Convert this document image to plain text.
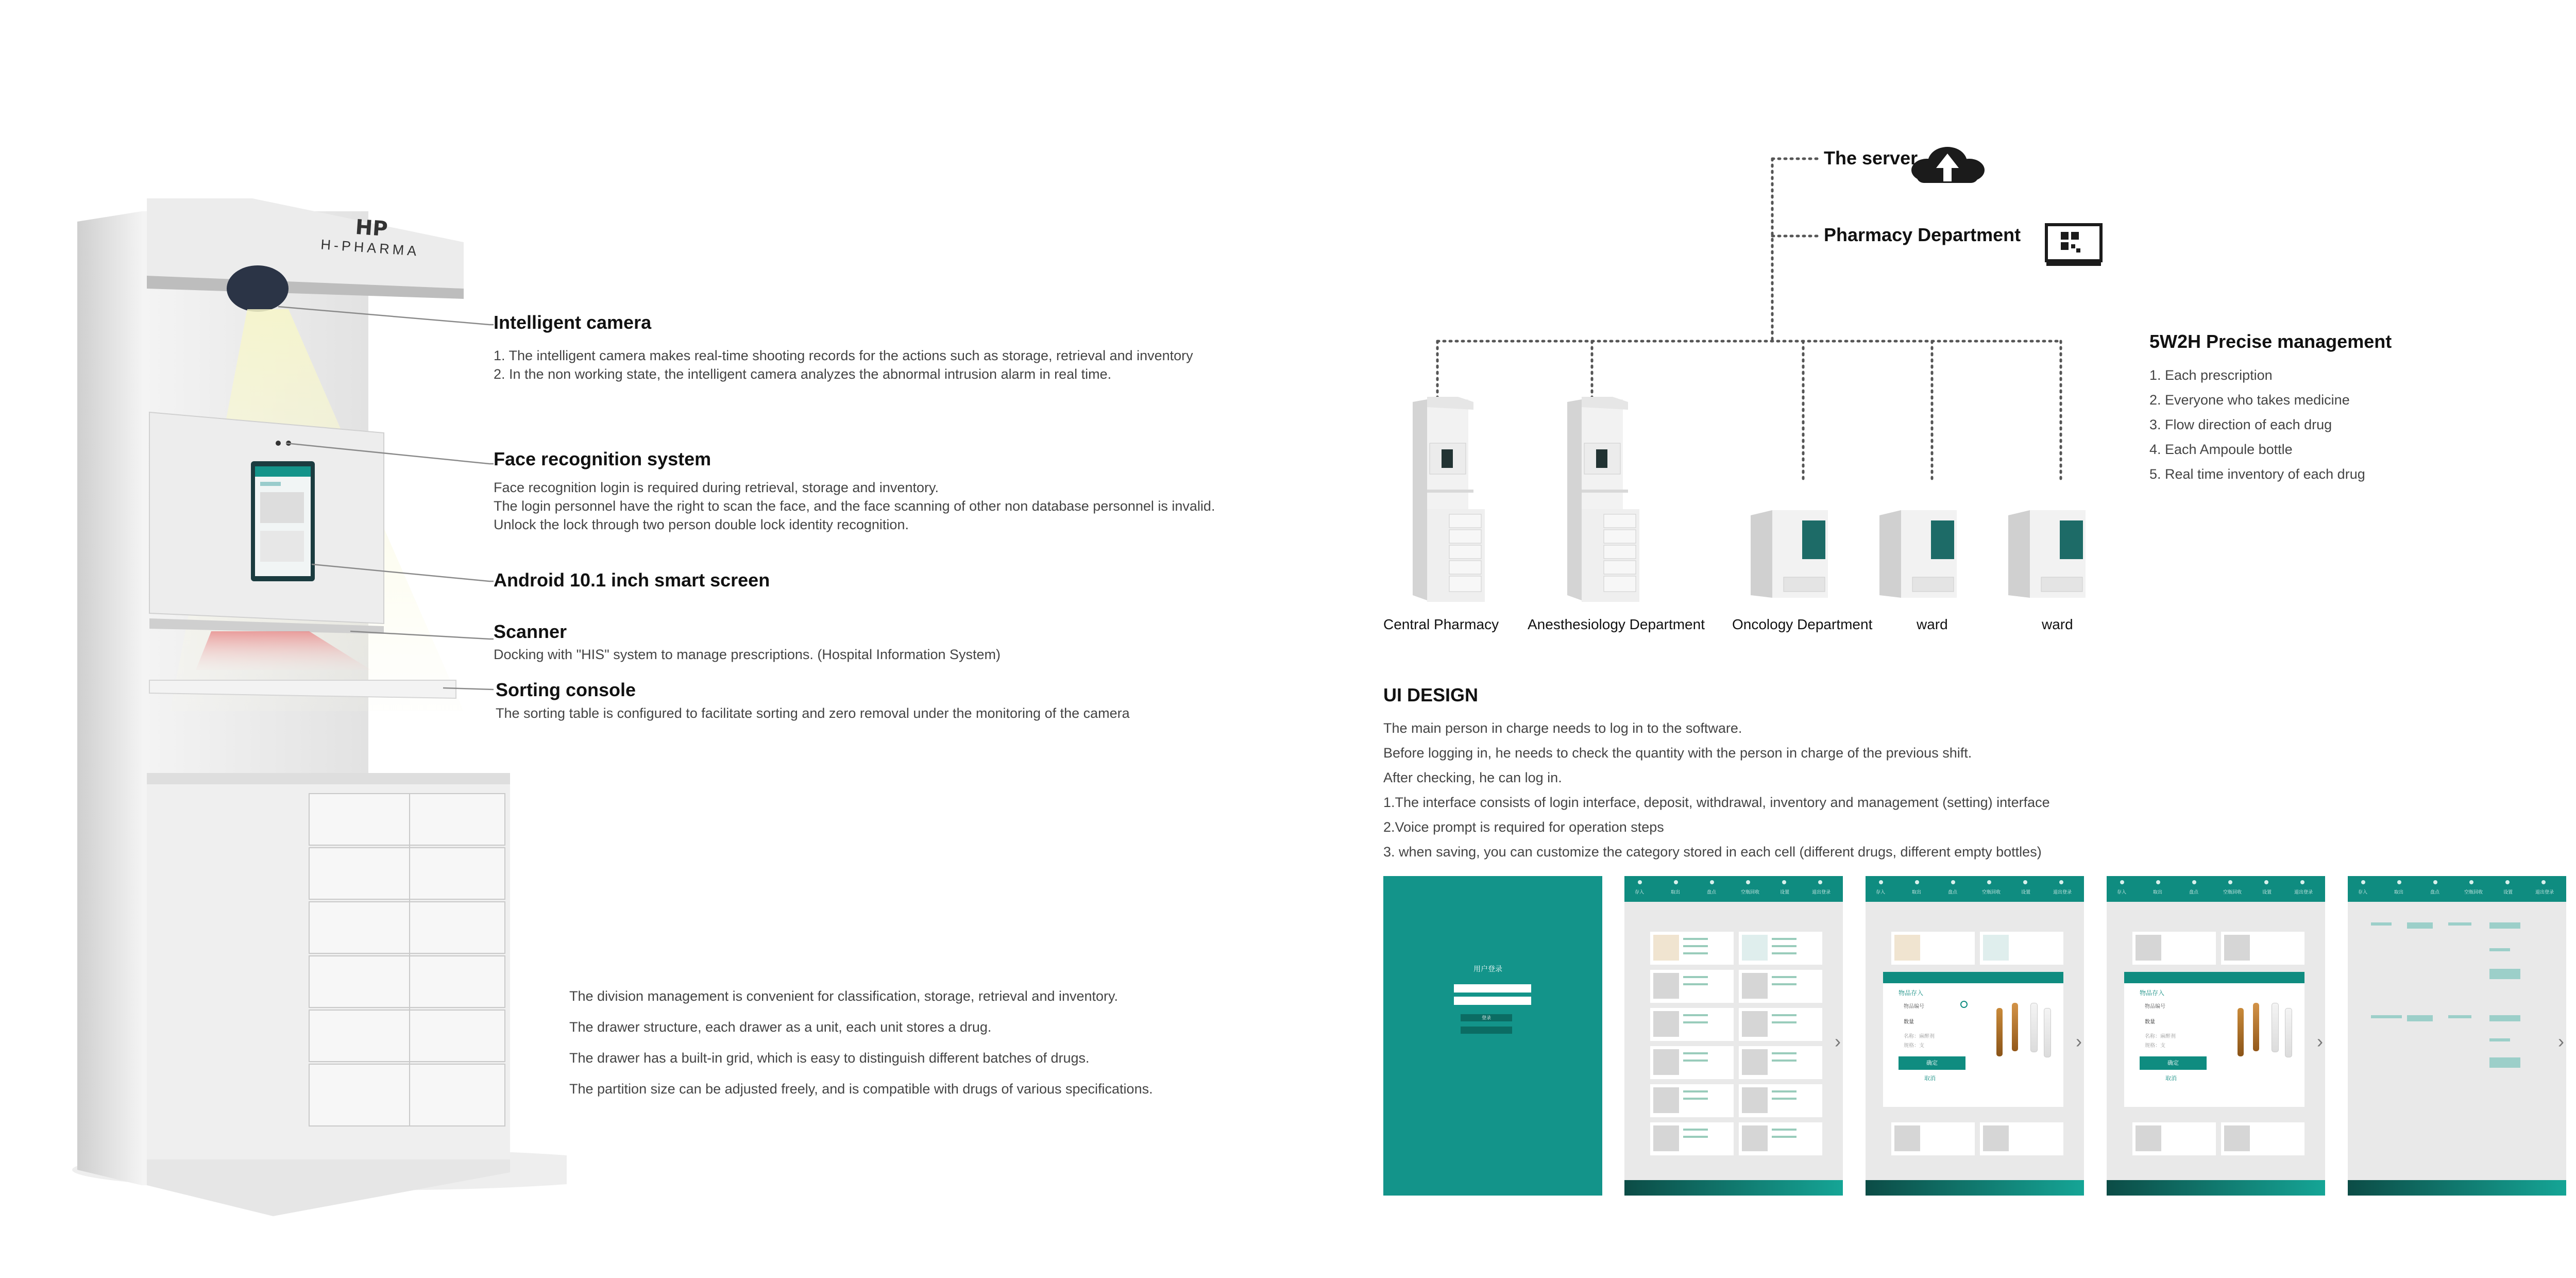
HP
H-PHARMA
Intelligent camera
1. The intelligent camera makes real-time shooting records for the actions such as storage, retrieval and inventory
2. In the non working state, the intelligent camera analyzes the abnormal intrusion alarm in real time.
Face recognition system
Face recognition login is required during retrieval, storage and inventory.
The login personnel have the right to scan the face, and the face scanning of other non database personnel is invalid.
Unlock the lock through two person double lock identity recognition.
Android 10.1 inch smart screen
Scanner
Docking with "HIS" system to manage prescriptions. (Hospital Information System)
Sorting console
The sorting table is configured to facilitate sorting and zero removal under the monitoring of the camera
The division management is convenient for classification, storage, retrieval and inventory.
The drawer structure, each drawer as a unit, each unit stores a drug.
The drawer has a built-in grid, which is easy to distinguish different batches of drugs.
The partition size can be adjusted freely, and is compatible with drugs of various specifications.
The server
Pharmacy Department
Central Pharmacy Anesthesiology Department Oncology Department	ward	ward
5W2H Precise management
1. Each prescription
2. Everyone who takes medicine
3. Flow direction of each drug
4. Each Ampoule bottle
5. Real time inventory of each drug
UI DESIGN
The main person in charge needs to log in to the software.
Before logging in, he needs to check the quantity with the person in charge of the previous shift.
After checking, he can log in.
1.The interface consists of login interface, deposit, withdrawal, inventory and management (setting) interface
2.Voice prompt is required for operation steps
3. when saving, you can customize the category stored in each cell (different drugs, different empty bottles)
用户登录
登录
存入	取出	盘点	空瓶回收	设置	退出登录
›
存入	取出	盘点	空瓶回收	设置	退出登录
物品存入
物品编号
数量
名称：麻醉剂
规格：支
确定
取消
›
存入	取出	盘点	空瓶回收	设置	退出登录
物品存入
物品编号
数量
名称：麻醉剂
规格：支
确定
取消
›
存入	取出	盘点	空瓶回收	设置	退出登录
›
